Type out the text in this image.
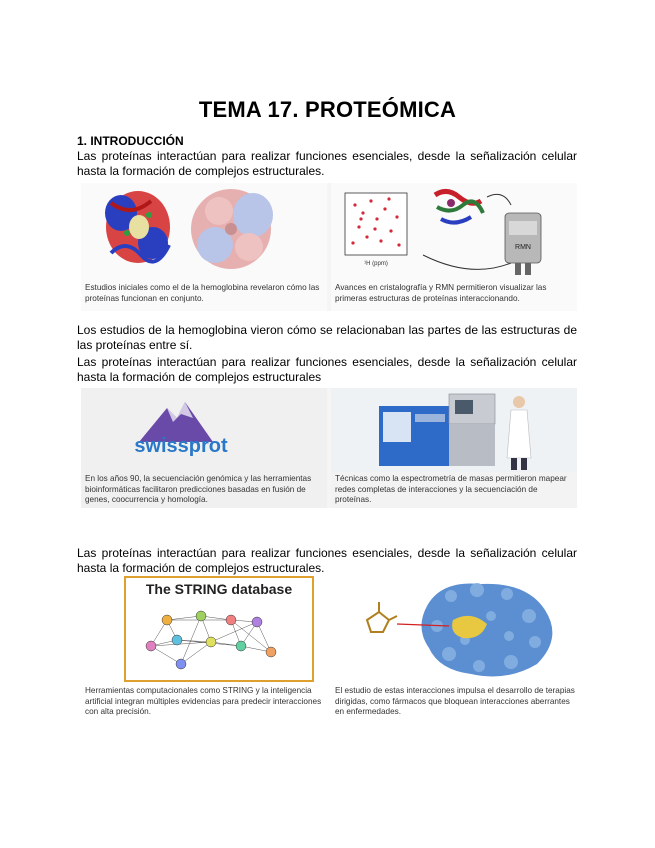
TEMA 17. PROTEÓMICA
1. INTRODUCCIÓN
Las proteínas interactúan para realizar funciones esenciales, desde la señalización celular hasta la formación de complejos estructurales.
Estudios iniciales como el de la hemoglobina revelaron cómo las proteínas funcionan en conjunto.
¹H (ppm)
RMN
Avances en cristalografía y RMN permitieron visualizar las primeras estructuras de proteínas interaccionando.
Los estudios de la hemoglobina vieron cómo se relacionaban las partes de las estructuras de las proteínas entre sí.
Las proteínas interactúan para realizar funciones esenciales, desde la señalización celular hasta la formación de complejos estructurales
swissprot
En los años 90, la secuenciación genómica y las herramientas bioinformáticas facilitaron predicciones basadas en fusión de genes, coocurrencia y homología.
Técnicas como la espectrometría de masas permitieron mapear redes completas de interacciones y la secuenciación de proteínas.
Las proteínas interactúan para realizar funciones esenciales, desde la señalización celular hasta la formación de complejos estructurales.
The STRING database
Herramientas computacionales como STRING y la inteligencia artificial integran múltiples evidencias para predecir interacciones con alta precisión.
El estudio de estas interacciones impulsa el desarrollo de terapias dirigidas, como fármacos que bloquean interacciones aberrantes en enfermedades.
